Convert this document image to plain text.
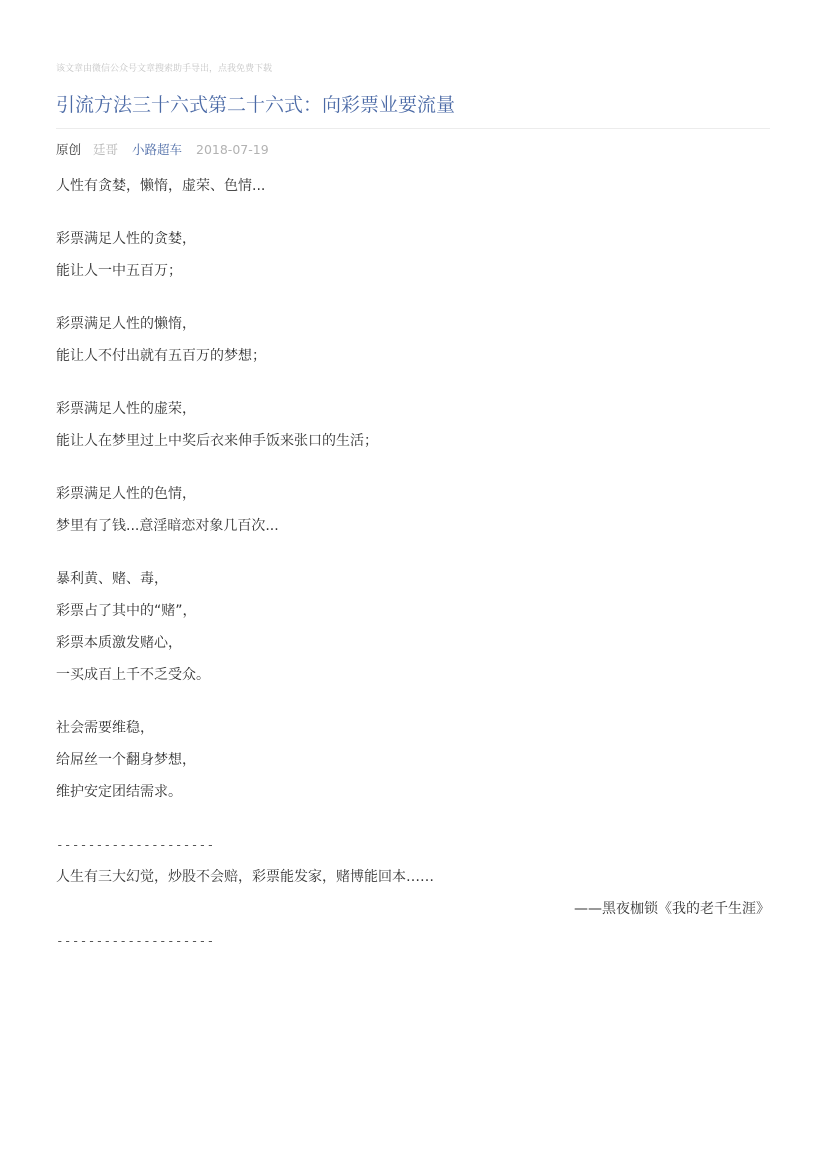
该文章由微信公众号文章搜索助手导出，点我免费下载
引流方法三十六式第二十六式：向彩票业要流量
原创 廷哥 小路超车 2018-07-19
人性有贪婪，懒惰，虚荣、色情...
彩票满足人性的贪婪，
能让人一中五百万；
彩票满足人性的懒惰，
能让人不付出就有五百万的梦想；
彩票满足人性的虚荣，
能让人在梦里过上中奖后衣来伸手饭来张口的生活；
彩票满足人性的色情，
梦里有了钱...意淫暗恋对象几百次...
暴利黄、赌、毒，
彩票占了其中的“赌”，
彩票本质激发赌心，
一买成百上千不乏受众。
社会需要维稳，
给屌丝一个翻身梦想，
维护安定团结需求。
--------------------
人生有三大幻觉，炒股不会赔，彩票能发家，赌博能回本……
——黑夜枷锁《我的老千生涯》
--------------------
